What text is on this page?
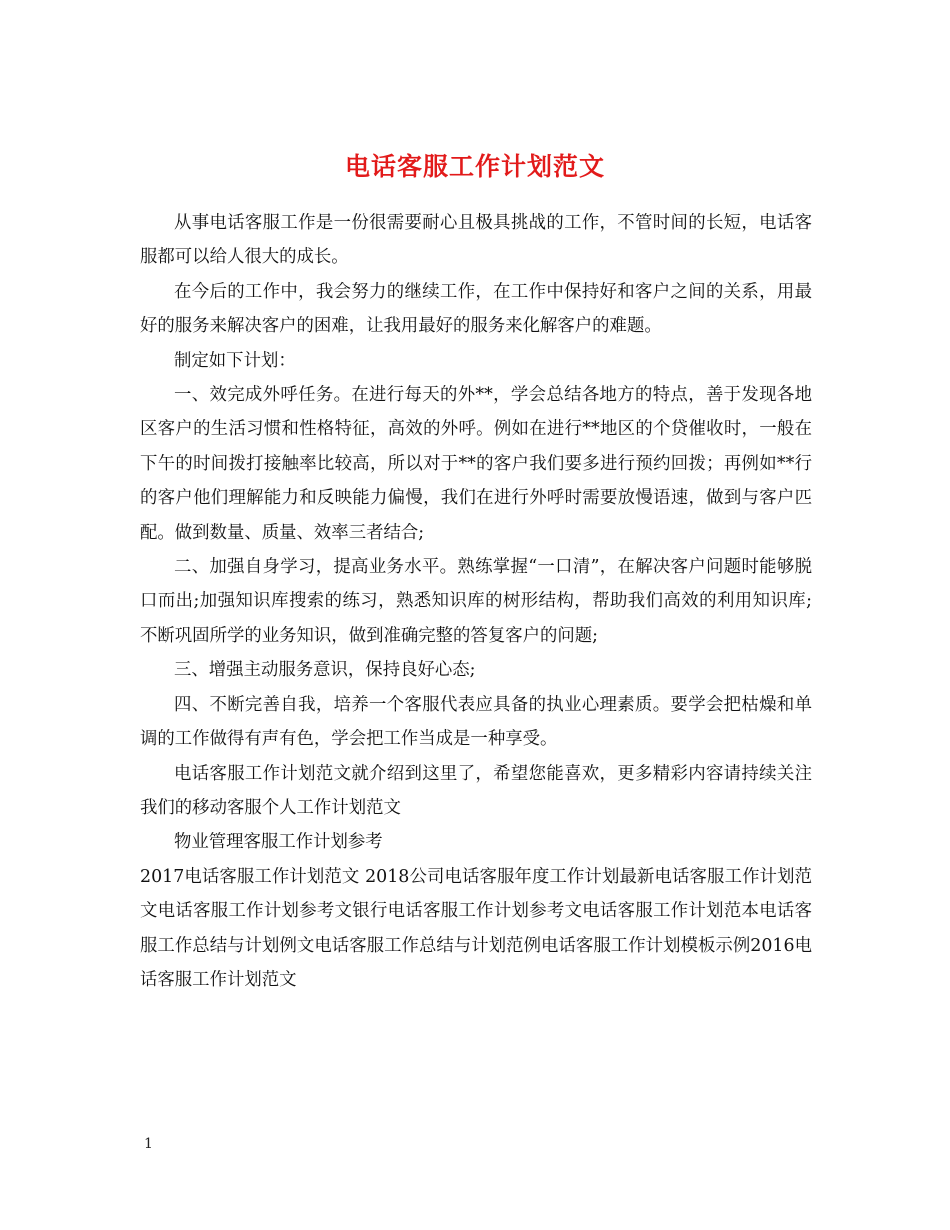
电话客服工作计划范文

从事电话客服工作是一份很需要耐心且极具挑战的工作，不管时间的长短，电话客服都可以给人很大的成长。

在今后的工作中，我会努力的继续工作，在工作中保持好和客户之间的关系，用最好的服务来解决客户的困难，让我用最好的服务来化解客户的难题。

制定如下计划：

一、效完成外呼任务。在进行每天的外**，学会总结各地方的特点，善于发现各地区客户的生活习惯和性格特征，高效的外呼。例如在进行**地区的个贷催收时，一般在下午的时间拨打接触率比较高，所以对于**的客户我们要多进行预约回拨；再例如**行的客户他们理解能力和反映能力偏慢，我们在进行外呼时需要放慢语速，做到与客户匹配。做到数量、质量、效率三者结合;

二、加强自身学习，提高业务水平。熟练掌握“一口清”，在解决客户问题时能够脱口而出;加强知识库搜索的练习，熟悉知识库的树形结构，帮助我们高效的利用知识库;不断巩固所学的业务知识，做到准确完整的答复客户的问题;

三、增强主动服务意识，保持良好心态;

四、不断完善自我，培养一个客服代表应具备的执业心理素质。要学会把枯燥和单调的工作做得有声有色，学会把工作当成是一种享受。

电话客服工作计划范文就介绍到这里了，希望您能喜欢，更多精彩内容请持续关注我们的移动客服个人工作计划范文

物业管理客服工作计划参考

2017电话客服工作计划范文 2018公司电话客服年度工作计划最新电话客服工作计划范文电话客服工作计划参考文银行电话客服工作计划参考文电话客服工作计划范本电话客服工作总结与计划例文电话客服工作总结与计划范例电话客服工作计划模板示例2016电话客服工作计划范文

1
